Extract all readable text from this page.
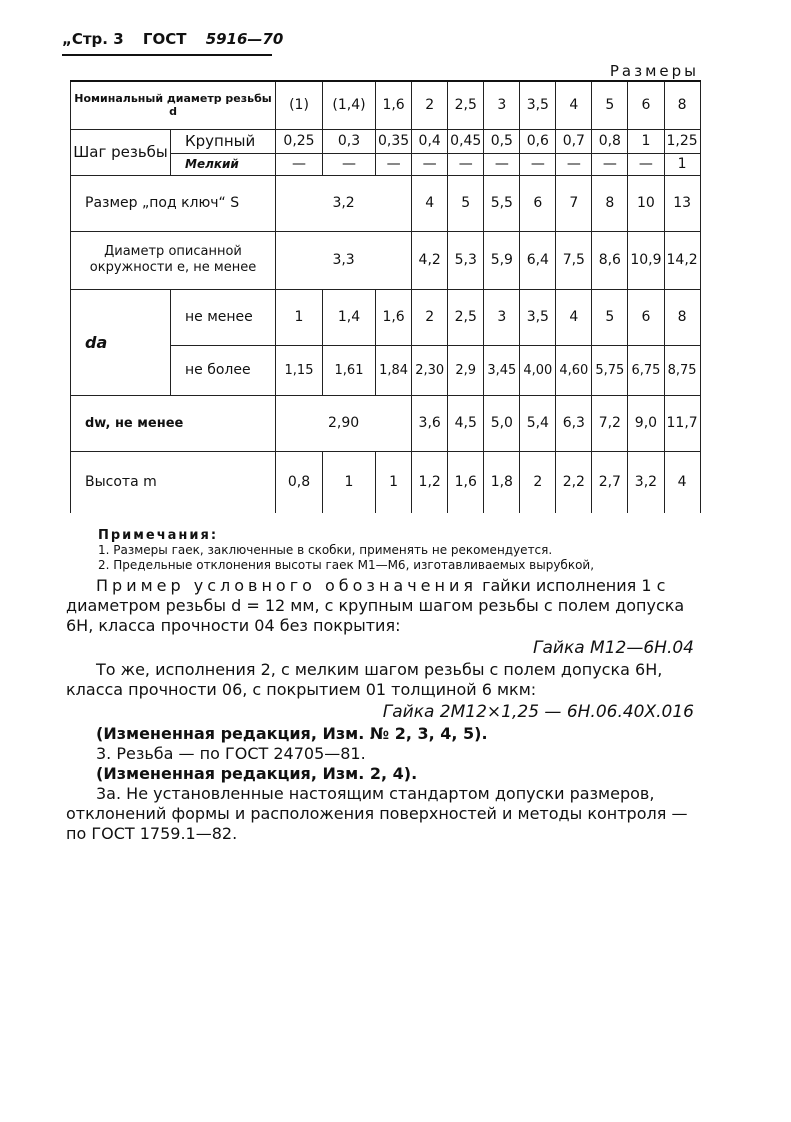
„Стр. 3 ГОСТ 5916—70
Размеры
Номинальный диаметр резьбы d		(1)	(1,4)	1,6	2	2,5	3	3,5	4	5	6	8
Шаг резьбы	Крупный	0,25	0,3	0,35	0,4	0,45	0,5	0,6	0,7	0,8	1	1,25
	Мелкий	—	—	—	—	—	—	—	—	—	—	1
Размер „под ключ“ S		3,2			4	5	5,5	6	7	8	10	13
Диаметр описанной окружности e, не менее		3,3			4,2	5,3	5,9	6,4	7,5	8,6	10,9	14,2
da	не менее	1	1,4	1,6	2	2,5	3	3,5	4	5	6	8
	не более	1,15	1,61	1,84	2,30	2,9	3,45	4,00	4,60	5,75	6,75	8,75
dw, не менее		2,90			3,6	4,5	5,0	5,4	6,3	7,2	9,0	11,7
Высота m		0,8	1	1	1,2	1,6	1,8	2	2,2	2,7	3,2	4
Примечания:
1. Размеры гаек, заключенные в скобки, применять не рекомендуется.
2. Предельные отклонения высоты гаек М1—М6, изготавливаемых вырубкой,

Пример условного обозначения гайки исполнения 1 с диаметром резьбы d = 12 мм, с крупным шагом резьбы с полем допуска 6H, класса прочности 04 без покрытия:

Гайка М12—6H.04

То же, исполнения 2, с мелким шагом резьбы с полем допуска 6H, класса прочности 06, с покрытием 01 толщиной 6 мкм:

Гайка 2М12×1,25 — 6H.06.40X.016

(Измененная редакция, Изм. № 2, 3, 4, 5).

3. Резьба — по ГОСТ 24705—81.

(Измененная редакция, Изм. 2, 4).

3а. Не установленные настоящим стандартом допуски размеров, отклонений формы и расположения поверхностей и методы контроля — по ГОСТ 1759.1—82.
